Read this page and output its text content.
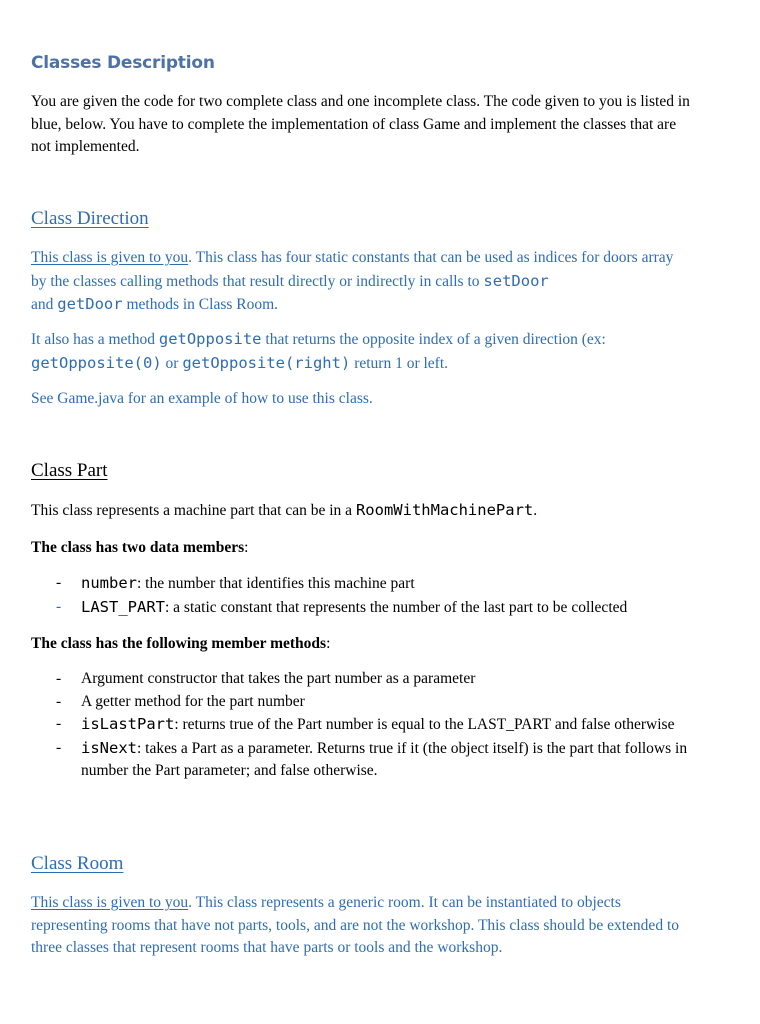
Classes Description

You are given the code for two complete class and one incomplete class. The code given to you is listed in blue, below. You have to complete the implementation of class Game and implement the classes that are not implemented.

Class Direction

This class is given to you. This class has four static constants that can be used as indices for doors array by the classes calling methods that result directly or indirectly in calls to setDoor
and getDoor methods in Class Room.

It also has a method getOpposite that returns the opposite index of a given direction (ex:
getOpposite(0) or getOpposite(right) return 1 or left.

See Game.java for an example of how to use this class.

Class Part

This class represents a machine part that can be in a RoomWithMachinePart.

The class has two data members:

- number: the number that identifies this machine part
- LAST_PART: a static constant that represents the number of the last part to be collected

The class has the following member methods:

- Argument constructor that takes the part number as a parameter
- A getter method for the part number
- isLastPart: returns true of the Part number is equal to the LAST_PART and false otherwise
- isNext: takes a Part as a parameter. Returns true if it (the object itself) is the part that follows in number the Part parameter; and false otherwise.
Class Room

This class is given to you. This class represents a generic room. It can be instantiated to objects representing rooms that have not parts, tools, and are not the workshop. This class should be extended to three classes that represent rooms that have parts or tools and the workshop.
